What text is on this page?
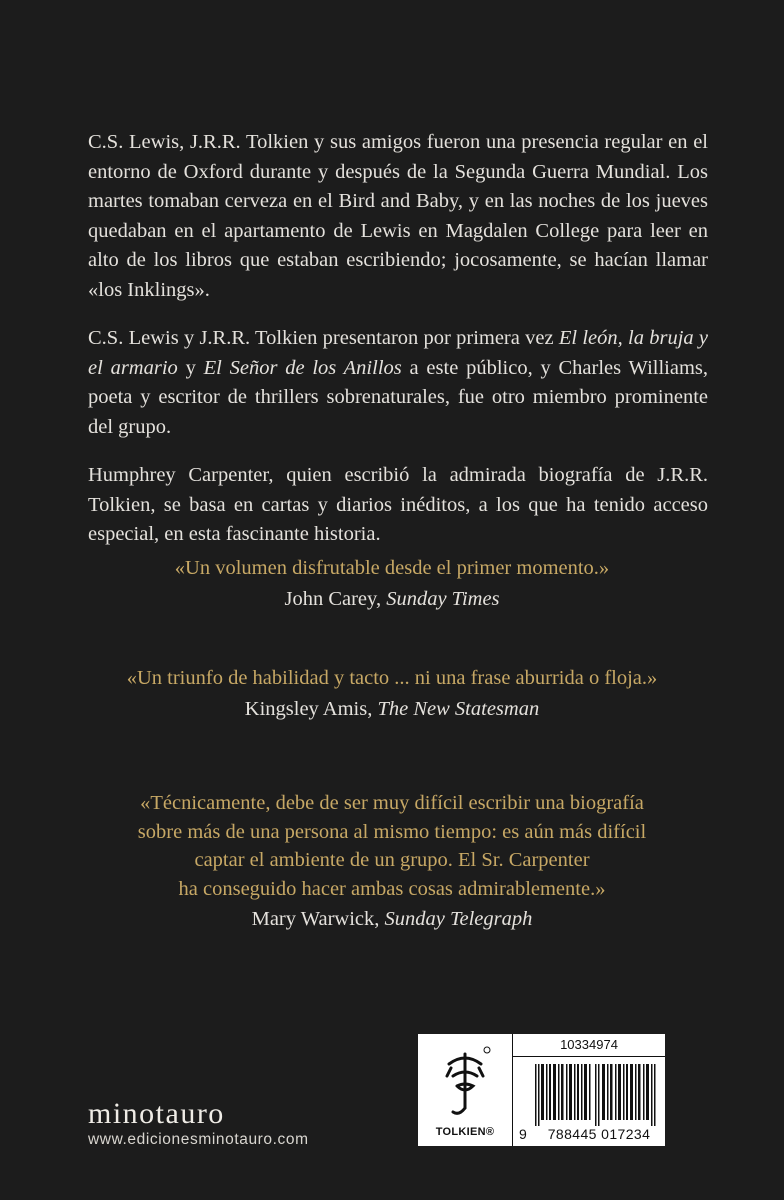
C.S. Lewis, J.R.R. Tolkien y sus amigos fueron una presencia regular en el entorno de Oxford durante y después de la Segunda Guerra Mundial. Los martes tomaban cerveza en el Bird and Baby, y en las noches de los jueves quedaban en el apartamento de Lewis en Magdalen College para leer en alto de los libros que estaban escribiendo; jocosamente, se hacían llamar «los Inklings».

C.S. Lewis y J.R.R. Tolkien presentaron por primera vez El león, la bruja y el armario y El Señor de los Anillos a este público, y Charles Williams, poeta y escritor de thrillers sobrenaturales, fue otro miembro prominente del grupo.

Humphrey Carpenter, quien escribió la admirada biografía de J.R.R. Tolkien, se basa en cartas y diarios inéditos, a los que ha tenido acceso especial, en esta fascinante historia.

«Un volumen disfrutable desde el primer momento.»
John Carey, Sunday Times
«Un triunfo de habilidad y tacto ... ni una frase aburrida o floja.»
Kingsley Amis, The New Statesman
«Técnicamente, debe de ser muy difícil escribir una biografía
sobre más de una persona al mismo tiempo: es aún más difícil
captar el ambiente de un grupo. El Sr. Carpenter
ha conseguido hacer ambas cosas admirablemente.»
Mary Warwick, Sunday Telegraph
minotauro
www.edicionesminotauro.com	TOLKIEN®
10334974
9	788445 017234
